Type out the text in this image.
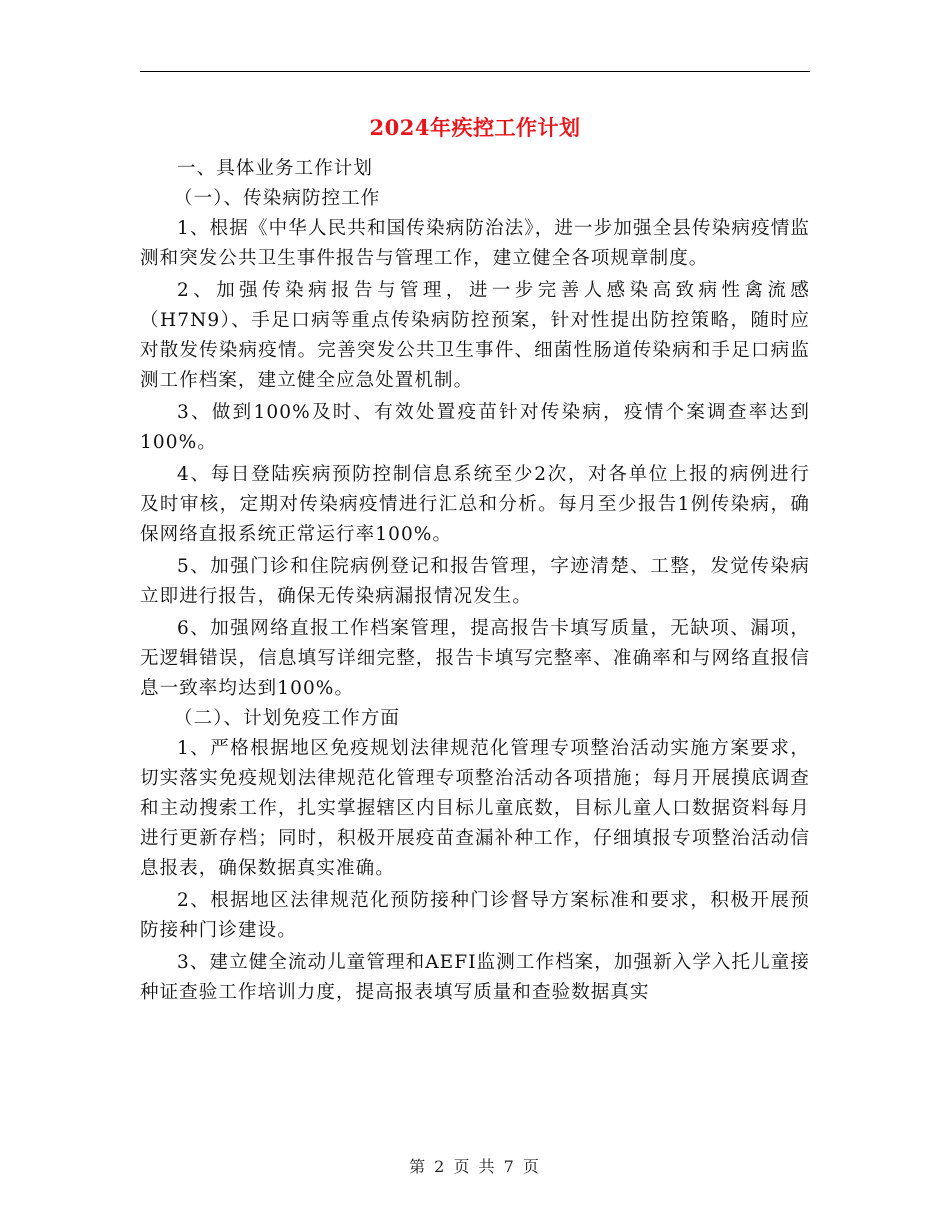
2024年疾控工作计划

一、具体业务工作计划

（一）、传染病防控工作

1、根据《中华人民共和国传染病防治法》，进一步加强全县传染病疫情监测和突发公共卫生事件报告与管理工作，建立健全各项规章制度。

2、加强传染病报告与管理，进一步完善人感染高致病性禽流感（H7N9）、手足口病等重点传染病防控预案，针对性提出防控策略，随时应对散发传染病疫情。完善突发公共卫生事件、细菌性肠道传染病和手足口病监测工作档案，建立健全应急处置机制。

3、做到100%及时、有效处置疫苗针对传染病，疫情个案调查率达到100%。

4、每日登陆疾病预防控制信息系统至少2次，对各单位上报的病例进行及时审核，定期对传染病疫情进行汇总和分析。每月至少报告1例传染病，确保网络直报系统正常运行率100%。

5、加强门诊和住院病例登记和报告管理，字迹清楚、工整，发觉传染病立即进行报告，确保无传染病漏报情况发生。

6、加强网络直报工作档案管理，提高报告卡填写质量，无缺项、漏项，无逻辑错误，信息填写详细完整，报告卡填写完整率、准确率和与网络直报信息一致率均达到100%。

（二）、计划免疫工作方面

1、严格根据地区免疫规划法律规范化管理专项整治活动实施方案要求，切实落实免疫规划法律规范化管理专项整治活动各项措施；每月开展摸底调查和主动搜索工作，扎实掌握辖区内目标儿童底数，目标儿童人口数据资料每月进行更新存档；同时，积极开展疫苗查漏补种工作，仔细填报专项整治活动信息报表，确保数据真实准确。

2、根据地区法律规范化预防接种门诊督导方案标准和要求，积极开展预防接种门诊建设。

3、建立健全流动儿童管理和AEFI监测工作档案，加强新入学入托儿童接种证查验工作培训力度，提高报表填写质量和查验数据真实

第 2 页 共 7 页
